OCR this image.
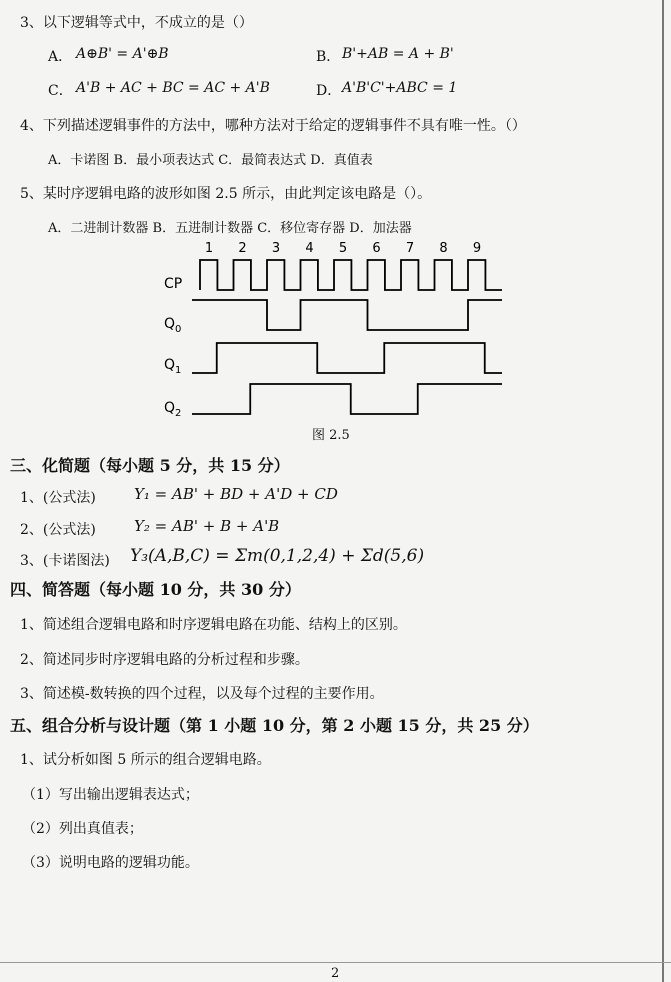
3、以下逻辑等式中，不成立的是（）
A． A⊕B' = A'⊕B	B． B'+AB = A + B'
C． A'B + AC + BC = AC + A'B	D． A'B'C'+ABC = 1
4、下列描述逻辑事件的方法中，哪种方法对于给定的逻辑事件不具有唯一性。（）
A．卡诺图 B．最小项表达式 C．最简表达式 D．真值表
5、某时序逻辑电路的波形如图 2.5 所示，由此判定该电路是（）。
A．二进制计数器 B．五进制计数器 C．移位寄存器 D．加法器
1 2 3 4 5 6 7 8 9
CP
$Q_0$
$Q_1$
$Q_2$
图 2.5
三、化简题（每小题 5 分，共 15 分）
1、(公式法)	Y₁ = AB' + BD + A'D + CD
2、(公式法)	Y₂ = AB' + B + A'B
3、(卡诺图法) Y₃(A,B,C) = Σm(0,1,2,4) + Σd(5,6)
四、简答题（每小题 10 分，共 30 分）
1、简述组合逻辑电路和时序逻辑电路在功能、结构上的区别。
2、简述同步时序逻辑电路的分析过程和步骤。
3、简述模-数转换的四个过程，以及每个过程的主要作用。
五、组合分析与设计题（第 1 小题 10 分，第 2 小题 15 分，共 25 分）
1、试分析如图 5 所示的组合逻辑电路。
（1）写出输出逻辑表达式；
（2）列出真值表；
（3）说明电路的逻辑功能。
2
